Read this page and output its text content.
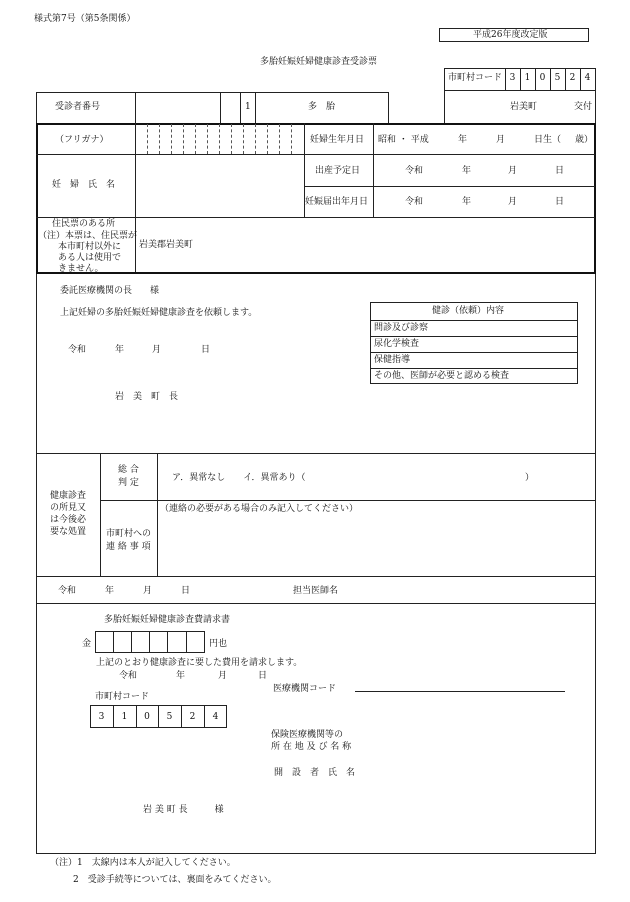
様式第7号（第5条関係）
平成26年度改定版
多胎妊娠妊婦健康診査受診票
市町村コード 3	1	0	5	2	4
受診者番号	1	多　胎	岩美町	交付
（フリガナ）	妊婦生年月日 昭和 ・ 平成	年	月	日生（ 歳）
妊　婦　氏　名
出産予定日	令和	年	月	日
妊娠届出年月日	令和	年	月	日
住民票のある所
（注）本票は、住民票が
本市町村以外に
ある人は使用で
きません。
岩美郡岩美町
委託医療機関の長　　様
上記妊婦の多胎妊娠妊婦健康診査を依頼します。
令和	年	月	日
岩　美　町　長
健診（依頼）内容
問診及び診察
尿化学検査
保健指導
その他、医師が必要と認める検査
健康診査
の所見又
は今後必
要な処置
総 合
判 定	ア．異常なし　　イ．異常あり（	）
（連絡の必要がある場合のみ記入してください）
市町村への
連 絡 事 項
令和	年	月	日	担当医師名
多胎妊娠妊婦健康診査費請求書
金	円也
上記のとおり健康診査に要した費用を請求します。
令和	年	月	日
医療機関コード
市町村コード
3	1	0	5	2	4
保険医療機関等の
所 在 地 及 び 名 称
開　設　者　氏　名
岩 美 町 長　　　様
（注）1　太線内は本人が記入してください。
2　受診手続等については、裏面をみてください。
